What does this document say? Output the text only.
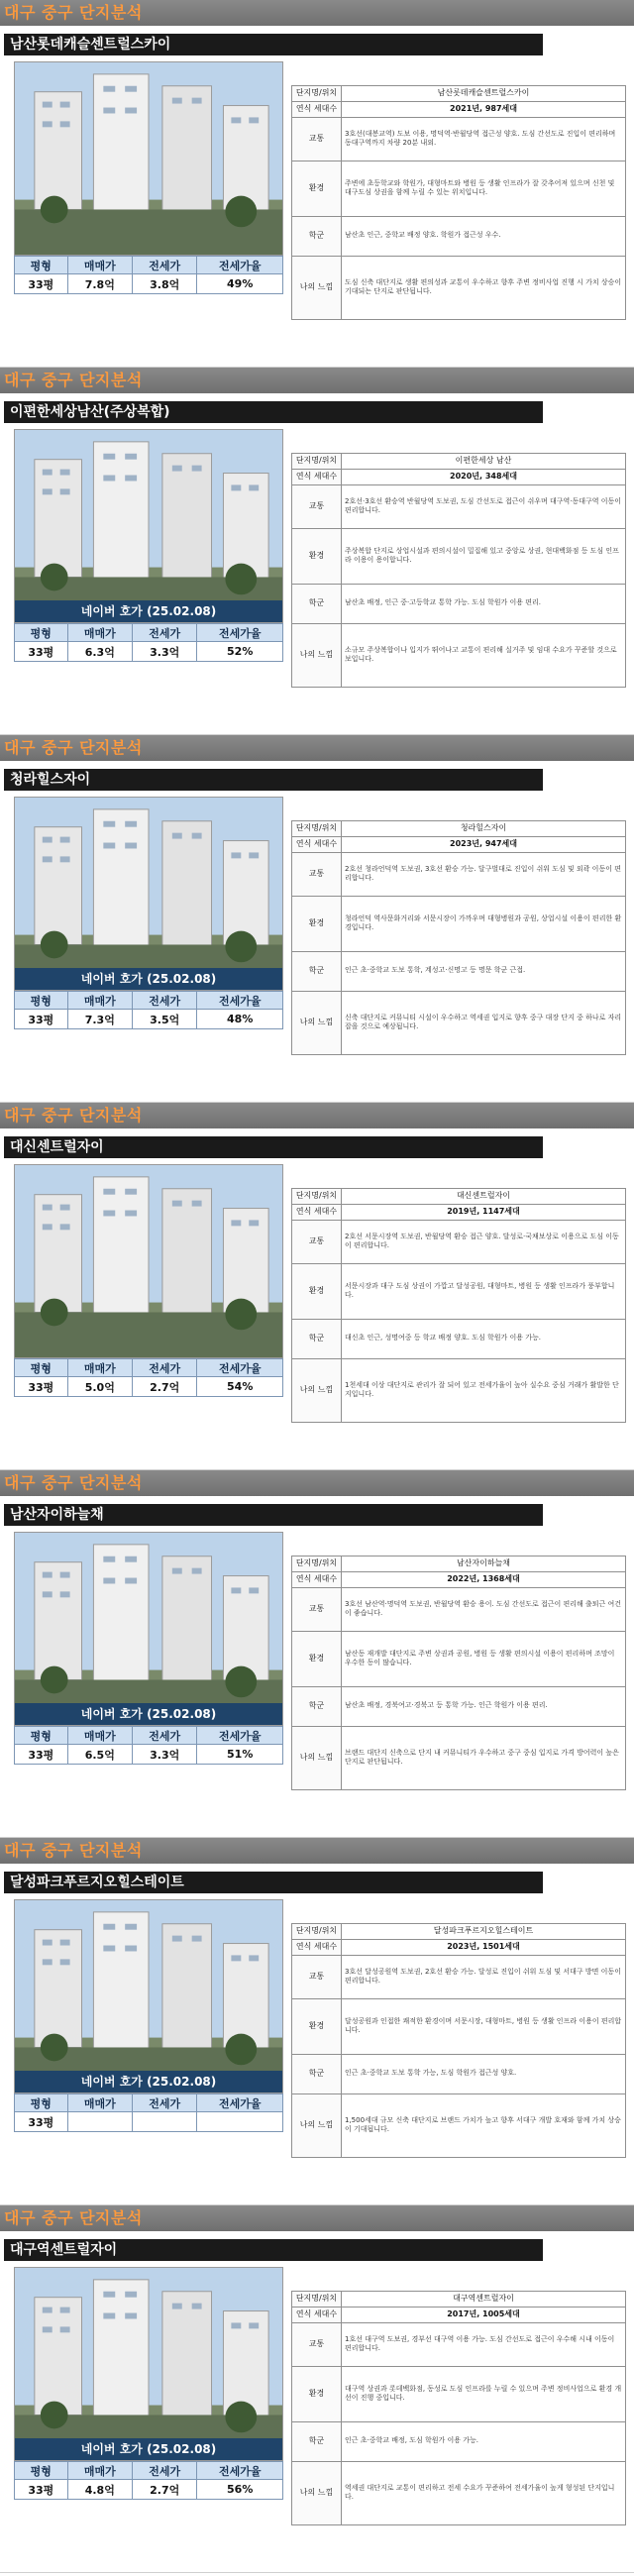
대구 중구 단지분석
남산롯데캐슬센트럴스카이
평형	매매가	전세가	전세가율
33평	7.8억	3.8억	49%
단지명/위치	남산롯데캐슬센트럴스카이
연식 세대수	2021년, 987세대
교통	3호선(대봉교역) 도보 이용, 명덕역·반월당역 접근성 양호. 도심 간선도로 진입이 편리하며 동대구역까지 차량 20분 내외.
환경	주변에 초등학교와 학원가, 대형마트와 병원 등 생활 인프라가 잘 갖추어져 있으며 신천 및 대구도심 상권을 함께 누릴 수 있는 위치입니다.
학군	남산초 인근, 중학교 배정 양호. 학원가 접근성 우수.
나의 느낌	도심 신축 대단지로 생활 편의성과 교통이 우수하고 향후 주변 정비사업 진행 시 가치 상승이 기대되는 단지로 판단됩니다.
대구 중구 단지분석
이편한세상남산(주상복합)
네이버 호가 (25.02.08)
평형	매매가	전세가	전세가율
33평	6.3억	3.3억	52%
단지명/위치	이편한세상 남산
연식 세대수	2020년, 348세대
교통	2호선·3호선 환승역 반월당역 도보권, 도심 간선도로 접근이 쉬우며 대구역·동대구역 이동이 편리합니다.
환경	주상복합 단지로 상업시설과 편의시설이 밀집해 있고 중앙로 상권, 현대백화점 등 도심 인프라 이용이 용이합니다.
학군	남산초 배정, 인근 중·고등학교 통학 가능. 도심 학원가 이용 편리.
나의 느낌	소규모 주상복합이나 입지가 뛰어나고 교통이 편리해 실거주 및 임대 수요가 꾸준할 것으로 보입니다.
대구 중구 단지분석
청라힐스자이
네이버 호가 (25.02.08)
평형	매매가	전세가	전세가율
33평	7.3억	3.5억	48%
단지명/위치	청라힐스자이
연식 세대수	2023년, 947세대
교통	2호선 청라언덕역 도보권, 3호선 환승 가능. 달구벌대로 진입이 쉬워 도심 및 외곽 이동이 편리합니다.
환경	청라언덕 역사문화거리와 서문시장이 가까우며 대형병원과 공원, 상업시설 이용이 편리한 환경입니다.
학군	인근 초·중학교 도보 통학, 계성고·신명고 등 명문 학군 근접.
나의 느낌	신축 대단지로 커뮤니티 시설이 우수하고 역세권 입지로 향후 중구 대장 단지 중 하나로 자리잡을 것으로 예상됩니다.
대구 중구 단지분석
대신센트럴자이
평형	매매가	전세가	전세가율
33평	5.0억	2.7억	54%
단지명/위치	대신센트럴자이
연식 세대수	2019년, 1147세대
교통	2호선 서문시장역 도보권, 반월당역 환승 접근 양호. 달성로·국채보상로 이용으로 도심 이동이 편리합니다.
환경	서문시장과 대구 도심 상권이 가깝고 달성공원, 대형마트, 병원 등 생활 인프라가 풍부합니다.
학군	대신초 인근, 성명여중 등 학교 배정 양호. 도심 학원가 이용 가능.
나의 느낌	1천세대 이상 대단지로 관리가 잘 되어 있고 전세가율이 높아 실수요 중심 거래가 활발한 단지입니다.
대구 중구 단지분석
남산자이하늘채
네이버 호가 (25.02.08)
평형	매매가	전세가	전세가율
33평	6.5억	3.3억	51%
단지명/위치	남산자이하늘채
연식 세대수	2022년, 1368세대
교통	3호선 남산역·명덕역 도보권, 반월당역 환승 용이. 도심 간선도로 접근이 편리해 출퇴근 여건이 좋습니다.
환경	남산동 재개발 대단지로 주변 상권과 공원, 병원 등 생활 편의시설 이용이 편리하며 조망이 우수한 동이 많습니다.
학군	남산초 배정, 경북여고·경북고 등 통학 가능. 인근 학원가 이용 편리.
나의 느낌	브랜드 대단지 신축으로 단지 내 커뮤니티가 우수하고 중구 중심 입지로 가격 방어력이 높은 단지로 판단됩니다.
대구 중구 단지분석
달성파크푸르지오힐스테이트
네이버 호가 (25.02.08)
평형	매매가	전세가	전세가율
33평			
단지명/위치	달성파크푸르지오힐스테이트
연식 세대수	2023년, 1501세대
교통	3호선 달성공원역 도보권, 2호선 환승 가능. 달성로 진입이 쉬워 도심 및 서대구 방면 이동이 편리합니다.
환경	달성공원과 인접한 쾌적한 환경이며 서문시장, 대형마트, 병원 등 생활 인프라 이용이 편리합니다.
학군	인근 초·중학교 도보 통학 가능, 도심 학원가 접근성 양호.
나의 느낌	1,500세대 규모 신축 대단지로 브랜드 가치가 높고 향후 서대구 개발 호재와 함께 가치 상승이 기대됩니다.
대구 중구 단지분석
대구역센트럴자이
네이버 호가 (25.02.08)
평형	매매가	전세가	전세가율
33평	4.8억	2.7억	56%
단지명/위치	대구역센트럴자이
연식 세대수	2017년, 1005세대
교통	1호선 대구역 도보권, 경부선 대구역 이용 가능. 도심 간선도로 접근이 우수해 시내 이동이 편리합니다.
환경	대구역 상권과 롯데백화점, 동성로 도심 인프라를 누릴 수 있으며 주변 정비사업으로 환경 개선이 진행 중입니다.
학군	인근 초·중학교 배정, 도심 학원가 이용 가능.
나의 느낌	역세권 대단지로 교통이 편리하고 전세 수요가 꾸준하여 전세가율이 높게 형성된 단지입니다.
